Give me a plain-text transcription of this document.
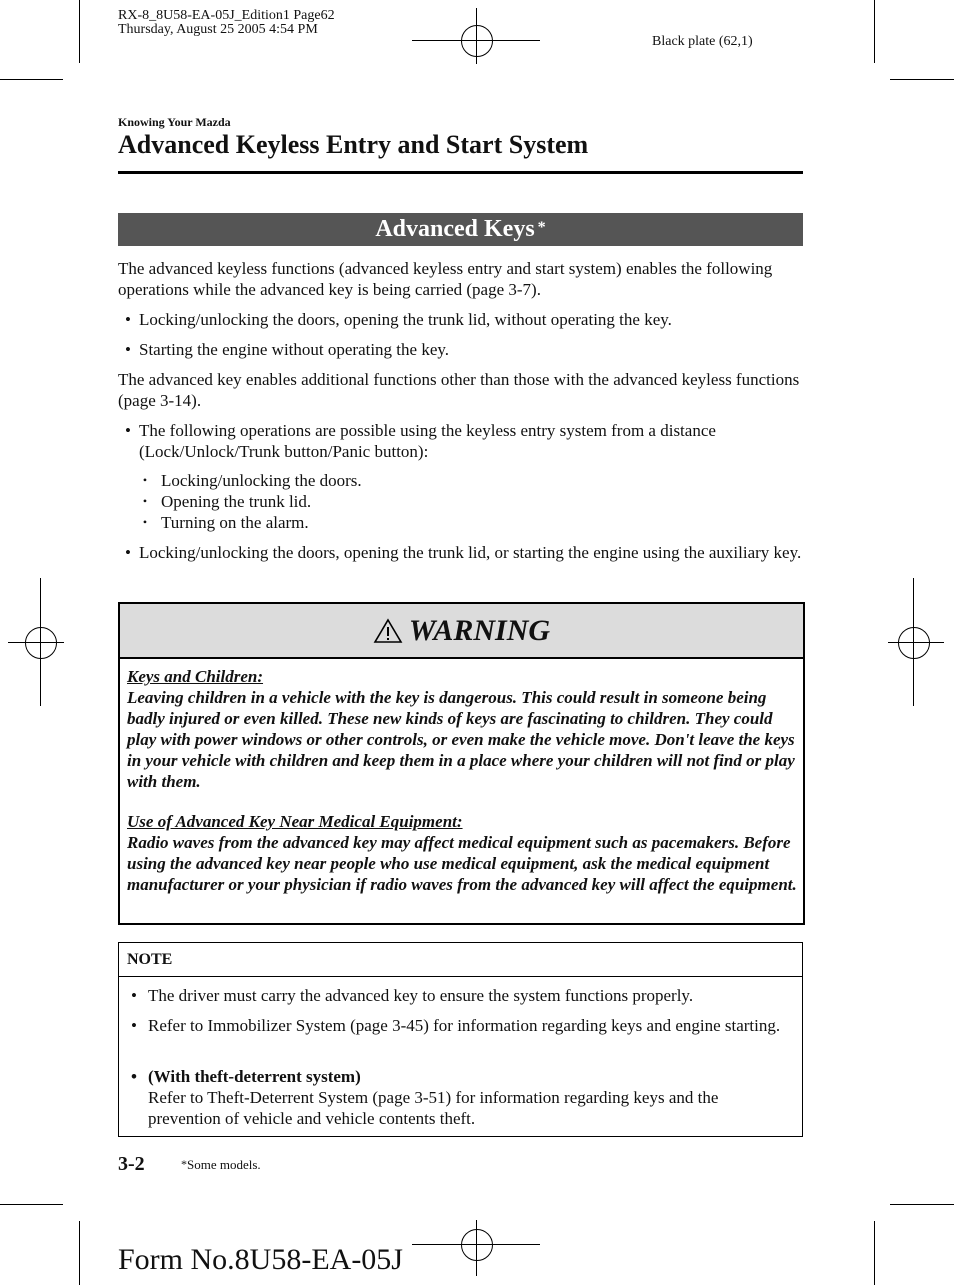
RX-8_8U58-EA-05J_Edition1 Page62
Thursday, August 25 2005 4:54 PM
Black plate (62,1)
Knowing Your Mazda
Advanced Keyless Entry and Start System
Advanced Keys *
The advanced keyless functions (advanced keyless entry and start system) enables the following operations while the advanced key is being carried (page 3-7).
• Locking/unlocking the doors, opening the trunk lid, without operating the key.
• Starting the engine without operating the key.
The advanced key enables additional functions other than those with the advanced keyless functions (page 3-14).
• The following operations are possible using the keyless entry system from a distance (Lock/Unlock/Trunk button/Panic button):
• Locking/unlocking the doors.
• Opening the trunk lid.
• Turning on the alarm.
• Locking/unlocking the doors, opening the trunk lid, or starting the engine using the auxiliary key.
WARNING
Keys and Children:
Leaving children in a vehicle with the key is dangerous. This could result in someone being badly injured or even killed. These new kinds of keys are fascinating to children. They could play with power windows or other controls, or even make the vehicle move. Don't leave the keys in your vehicle with children and keep them in a place where your children will not find or play with them.
Use of Advanced Key Near Medical Equipment:
Radio waves from the advanced key may affect medical equipment such as pacemakers. Before using the advanced key near people who use medical equipment, ask the medical equipment manufacturer or your physician if radio waves from the advanced key will affect the equipment.
NOTE
• The driver must carry the advanced key to ensure the system functions properly.
• Refer to Immobilizer System (page 3-45) for information regarding keys and engine starting.
• (With theft-deterrent system)
Refer to Theft-Deterrent System (page 3-51) for information regarding keys and the prevention of vehicle and vehicle contents theft.
3-2	*Some models.
Form No.8U58-EA-05J
